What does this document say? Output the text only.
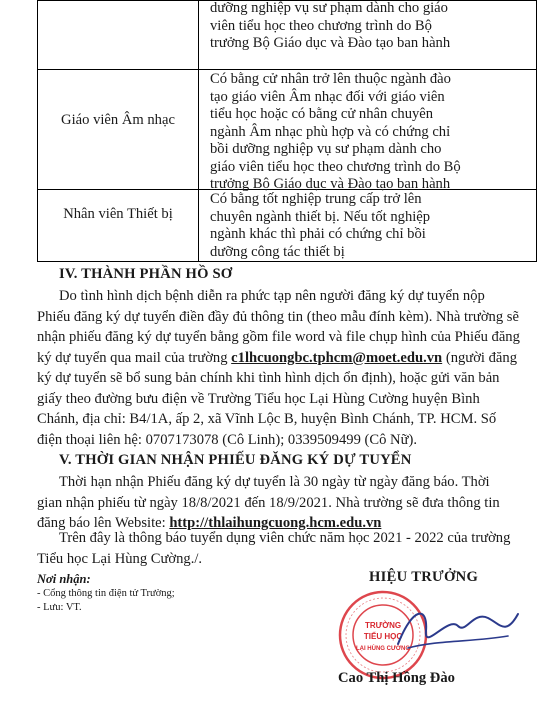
dưỡng nghiệp vụ sư phạm dành cho giáo
viên tiểu học theo chương trình do Bộ
trưởng Bộ Giáo dục và Đào tạo ban hành
Giáo viên Âm nhạc
Có bằng cử nhân trở lên thuộc ngành đào
tạo giáo viên Âm nhạc đối với giáo viên
tiểu học hoặc có bằng cử nhân chuyên
ngành Âm nhạc phù hợp và có chứng chỉ
bồi dưỡng nghiệp vụ sư phạm dành cho
giáo viên tiểu học theo chương trình do Bộ
trưởng Bộ Giáo dục và Đào tạo ban hành
Nhân viên Thiết bị
Có bằng tốt nghiệp trung cấp trở lên
chuyên ngành thiết bị. Nếu tốt nghiệp
ngành khác thì phải có chứng chỉ bồi
dưỡng công tác thiết bị
IV. THÀNH PHẦN HỒ SƠ
Do tình hình dịch bệnh diễn ra phức tạp nên người đăng ký dự tuyển nộp
Phiếu đăng ký dự tuyển điền đầy đủ thông tin (theo mẫu đính kèm). Nhà trường sẽ
nhận phiếu đăng ký dự tuyển bằng gồm file word và file chụp hình của Phiếu đăng
ký dự tuyển qua mail của trường c1lhcuongbc.tphcm@moet.edu.vn (người đăng
ký dự tuyển sẽ bổ sung bản chính khi tình hình dịch ổn định), hoặc gửi văn bản
giấy theo đường bưu điện về Trường Tiểu học Lại Hùng Cường huyện Bình
Chánh, địa chỉ: B4/1A, ấp 2, xã Vĩnh Lộc B, huyện Bình Chánh, TP. HCM. Số
điện thoại liên hệ: 0707173078 (Cô Linh); 0339509499 (Cô Nữ).
V. THỜI GIAN NHẬN PHIẾU ĐĂNG KÝ DỰ TUYỂN
Thời hạn nhận Phiếu đăng ký dự tuyển là 30 ngày từ ngày đăng báo. Thời
gian nhận phiếu từ ngày 18/8/2021 đến 18/9/2021. Nhà trường sẽ đưa thông tin
đăng báo lên Website: http://thlaihungcuong.hcm.edu.vn
Trên đây là thông báo tuyển dụng viên chức năm học 2021 - 2022 của trường
Tiểu học Lại Hùng Cường./.
Nơi nhận:
- Cổng thông tin điện tử Trường;
- Lưu: VT.
HIỆU TRƯỞNG
TRƯỜNG
TIỂU HỌC
LẠI HÙNG CƯỜNG
Cao Thị Hồng Đào
